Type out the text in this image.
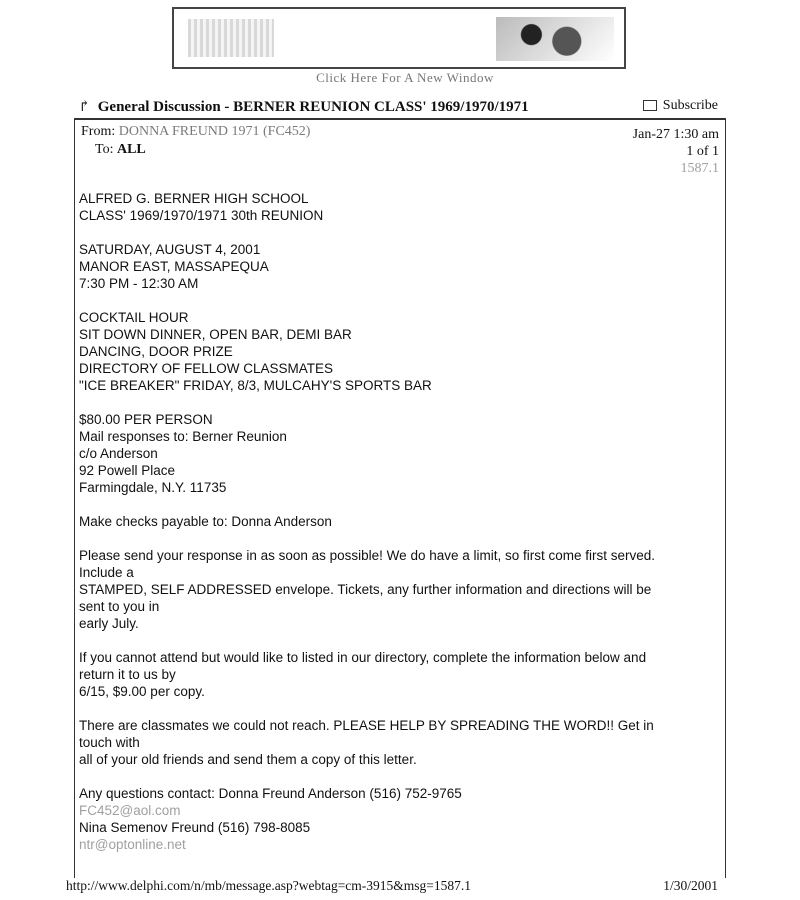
Click Here For A New Window
↱ General Discussion - BERNER REUNION CLASS' 1969/1970/1971	Subscribe
From: DONNA FREUND 1971 (FC452)
To: ALL
Jan-27 1:30 am
1 of 1
1587.1
ALFRED G. BERNER HIGH SCHOOL
CLASS' 1969/1970/1971 30th REUNION
SATURDAY, AUGUST 4, 2001
MANOR EAST, MASSAPEQUA
7:30 PM - 12:30 AM
COCKTAIL HOUR
SIT DOWN DINNER, OPEN BAR, DEMI BAR
DANCING, DOOR PRIZE
DIRECTORY OF FELLOW CLASSMATES
"ICE BREAKER" FRIDAY, 8/3, MULCAHY'S SPORTS BAR
$80.00 PER PERSON
Mail responses to: Berner Reunion
c/o Anderson
92 Powell Place
Farmingdale, N.Y. 11735
Make checks payable to: Donna Anderson
Please send your response in as soon as possible! We do have a limit, so first come first served.
Include a
STAMPED, SELF ADDRESSED envelope. Tickets, any further information and directions will be
sent to you in
early July.
If you cannot attend but would like to listed in our directory, complete the information below and
return it to us by
6/15, $9.00 per copy.
There are classmates we could not reach. PLEASE HELP BY SPREADING THE WORD!! Get in
touch with
all of your old friends and send them a copy of this letter.
Any questions contact: Donna Freund Anderson (516) 752-9765
FC452@aol.com
Nina Semenov Freund (516) 798-8085
ntr@optonline.net
http://www.delphi.com/n/mb/message.asp?webtag=cm-3915&msg=1587.1	1/30/2001
